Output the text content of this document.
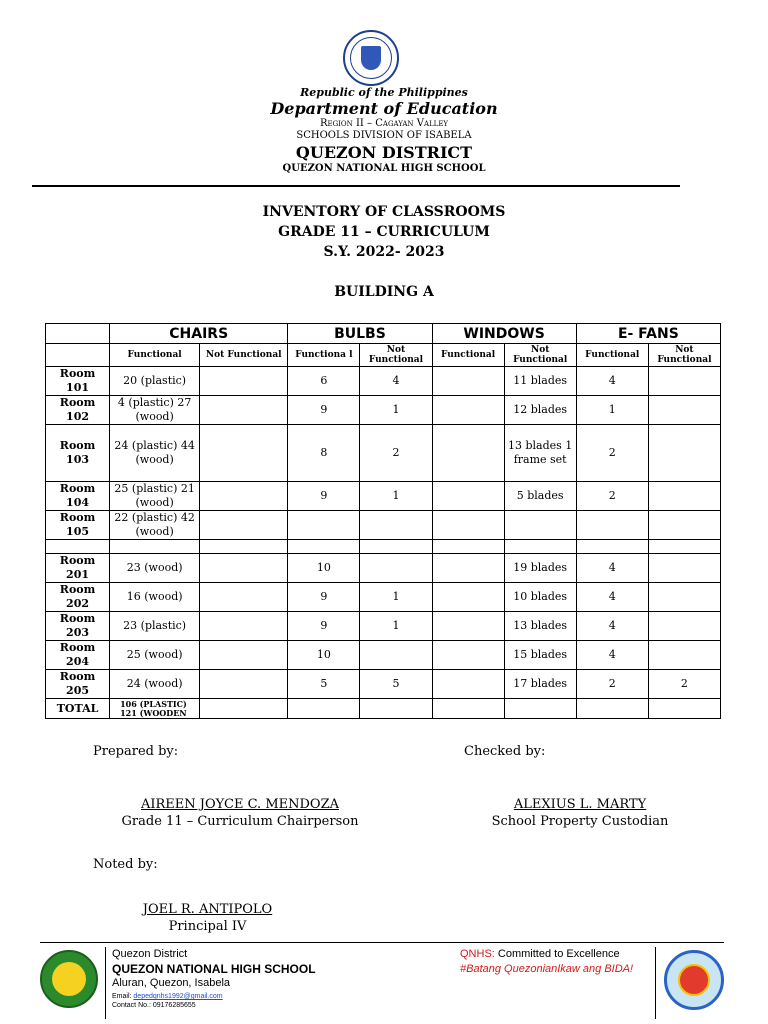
Republic of the Philippines
Department of Education
Region II – Cagayan Valley
SCHOOLS DIVISION OF ISABELA
QUEZON DISTRICT
QUEZON NATIONAL HIGH SCHOOL
INVENTORY OF CLASSROOMS
GRADE 11 – CURRICULUM
S.Y. 2022- 2023
BUILDING A
	CHAIRS		BULBS		WINDOWS		E- FANS	
	Functional	Not Functional	Functiona l	Not Functional	Functional	Not Functional	Functional	Not Functional
Room 101	20 (plastic)		6	4		11 blades	4	
Room 102	4 (plastic) 27 (wood)		9	1		12 blades	1	
Room 103	24 (plastic) 44 (wood)		8	2		13 blades 1 frame set	2	
Room 104	25 (plastic) 21 (wood)		9	1		5 blades	2	
Room 105	22 (plastic) 42 (wood)							

Room 201	23 (wood)		10			19 blades	4	
Room 202	16 (wood)		9	1		10 blades	4	
Room 203	23 (plastic)		9	1		13 blades	4	
Room 204	25 (wood)		10			15 blades	4	
Room 205	24 (wood)		5	5		17 blades	2	2
TOTAL	106 (PLASTIC) 121 (WOODEN							
Prepared by:	Checked by:
AIREEN JOYCE C. MENDOZA
Grade 11 – Curriculum Chairperson
ALEXIUS L. MARTY
School Property Custodian
Noted by:
JOEL R. ANTIPOLO
Principal IV
Quezon District
QUEZON NATIONAL HIGH SCHOOL
Aluran, Quezon, Isabela
Email: depedqnhs1992@gmail.com
Contact No.: 09176285655
QNHS: Committed to Excellence
#Batang QuezonianIkaw ang BIDA!
